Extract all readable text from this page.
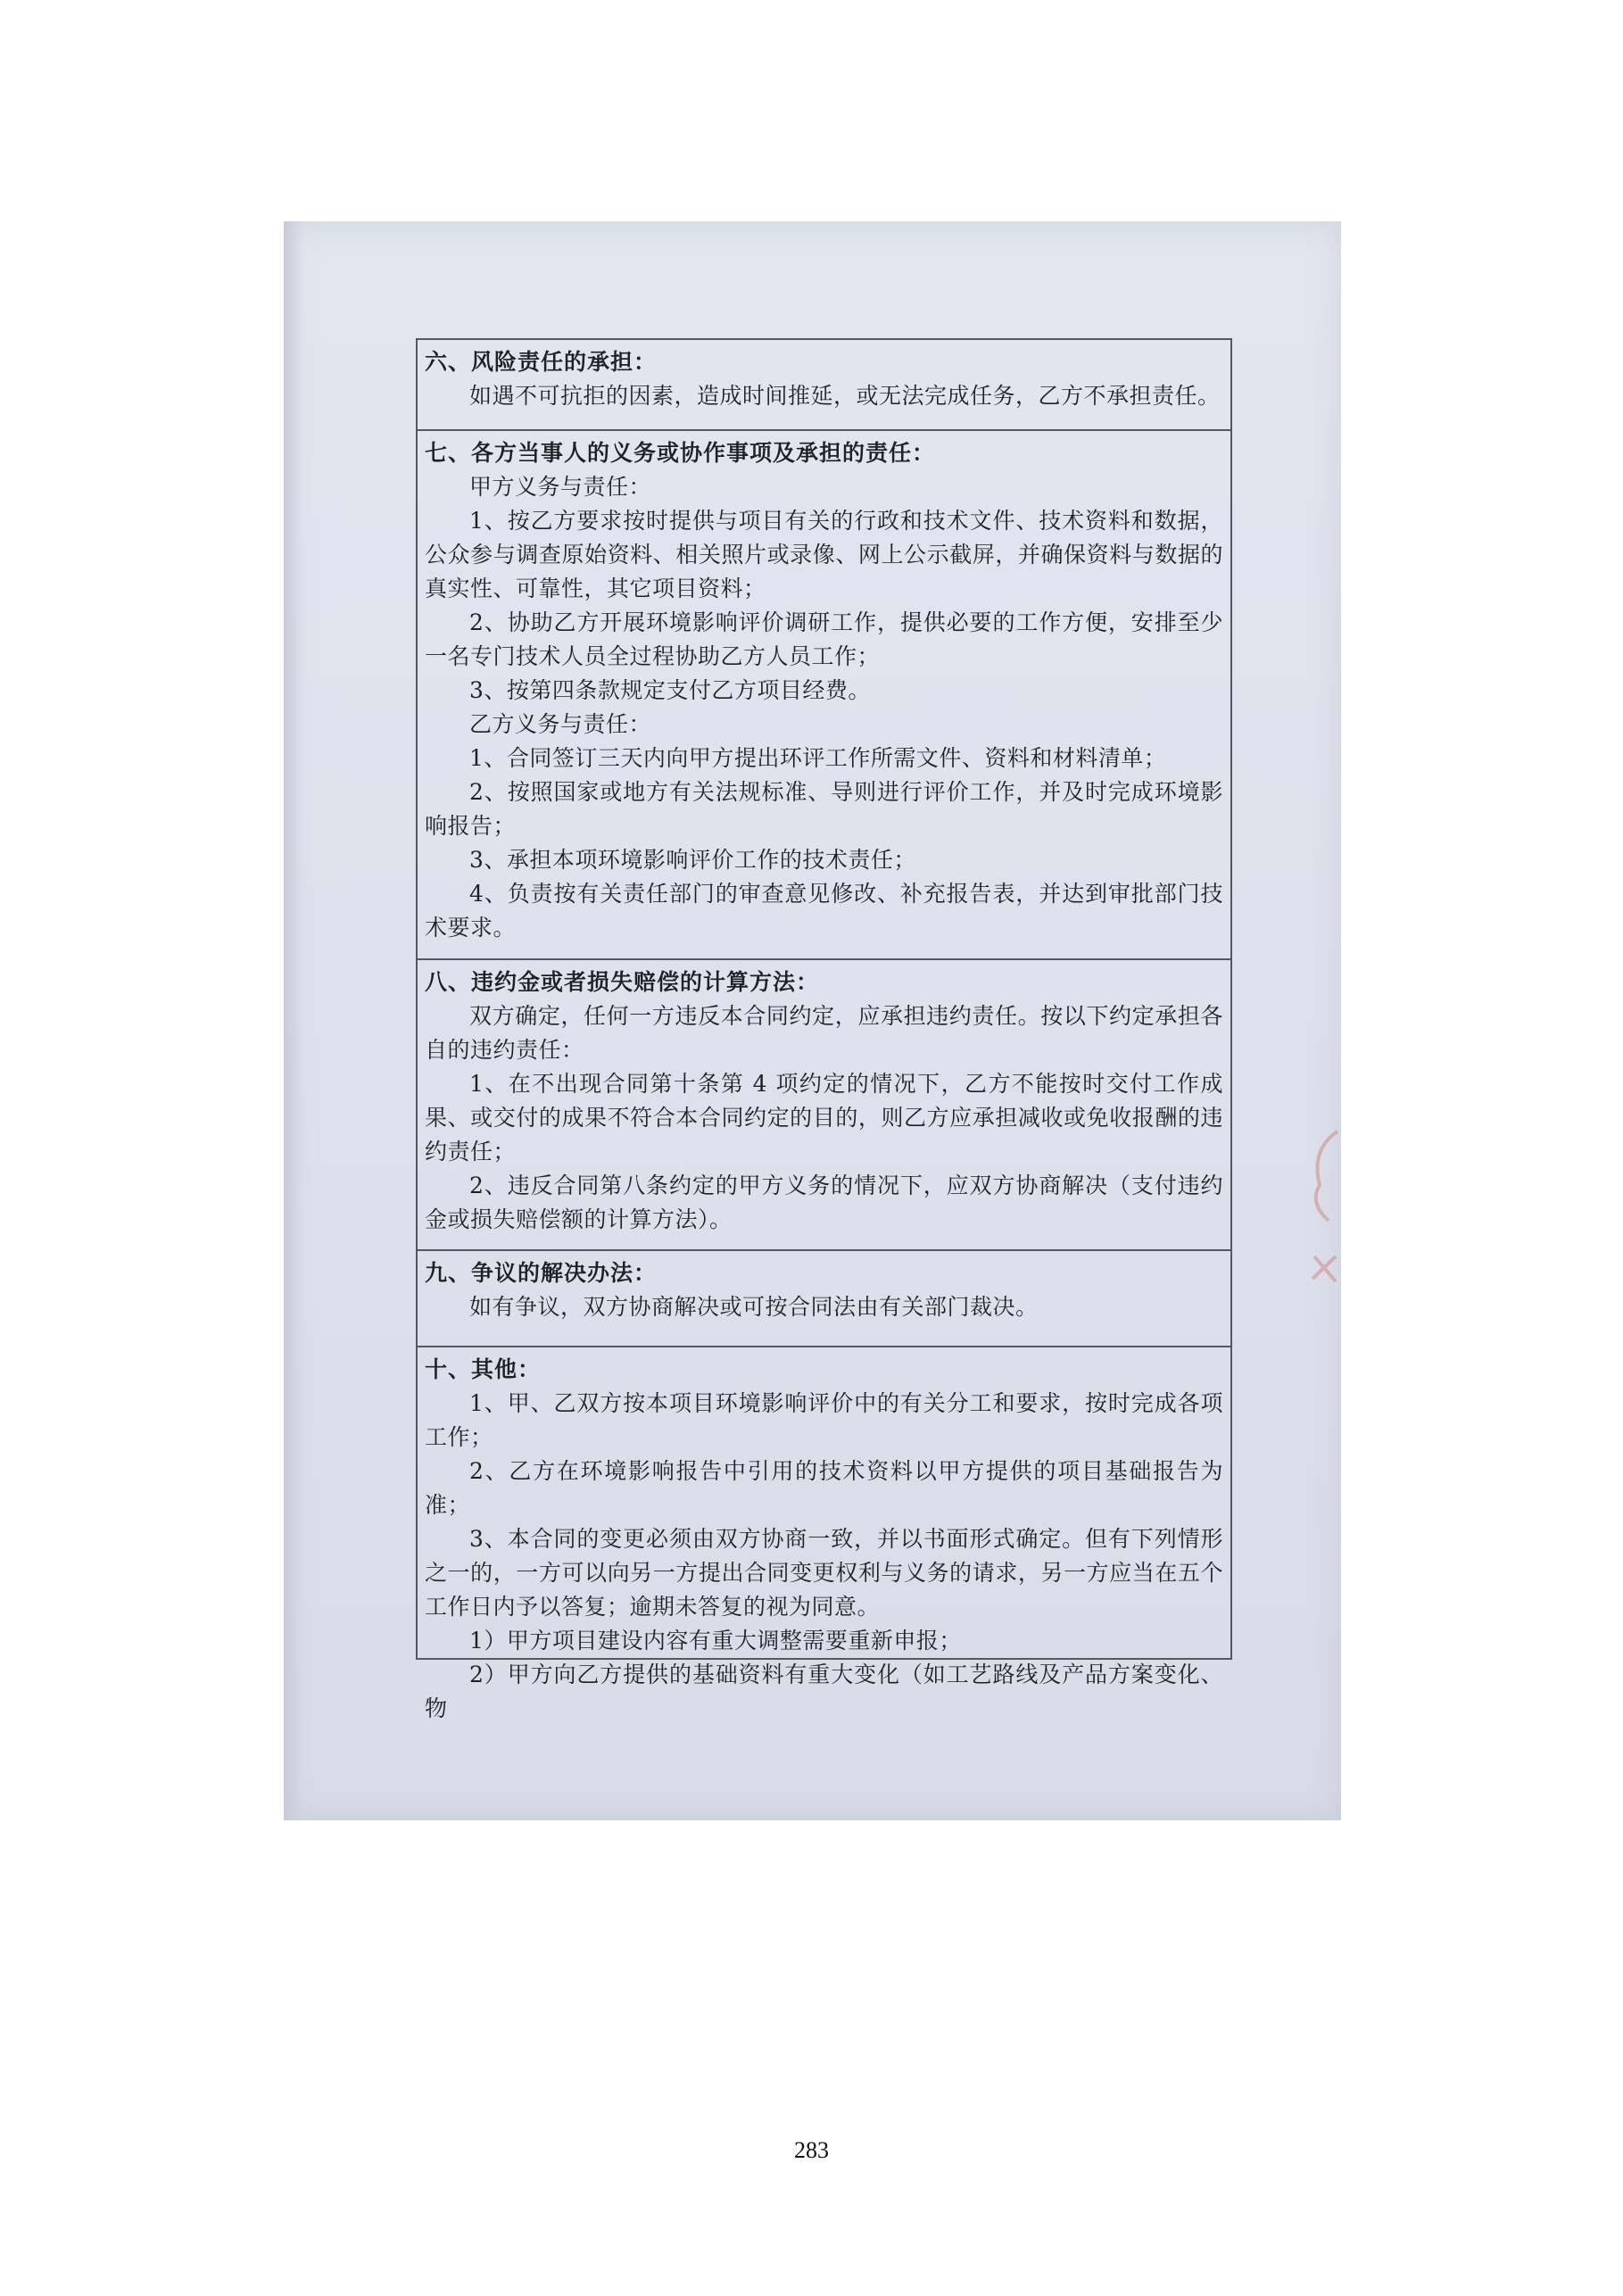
六、风险责任的承担：
如遇不可抗拒的因素，造成时间推延，或无法完成任务，乙方不承担责任。
七、各方当事人的义务或协作事项及承担的责任：
甲方义务与责任：
1、按乙方要求按时提供与项目有关的行政和技术文件、技术资料和数据，公众参与调查原始资料、相关照片或录像、网上公示截屏，并确保资料与数据的真实性、可靠性，其它项目资料；
2、协助乙方开展环境影响评价调研工作，提供必要的工作方便，安排至少一名专门技术人员全过程协助乙方人员工作；
3、按第四条款规定支付乙方项目经费。
乙方义务与责任：
1、合同签订三天内向甲方提出环评工作所需文件、资料和材料清单；
2、按照国家或地方有关法规标准、导则进行评价工作，并及时完成环境影响报告；
3、承担本项环境影响评价工作的技术责任；
4、负责按有关责任部门的审查意见修改、补充报告表，并达到审批部门技术要求。
八、违约金或者损失赔偿的计算方法：
双方确定，任何一方违反本合同约定，应承担违约责任。按以下约定承担各自的违约责任：
1、在不出现合同第十条第 4 项约定的情况下，乙方不能按时交付工作成果、或交付的成果不符合本合同约定的目的，则乙方应承担减收或免收报酬的违约责任；
2、违反合同第八条约定的甲方义务的情况下，应双方协商解决（支付违约金或损失赔偿额的计算方法）。
九、争议的解决办法：
如有争议，双方协商解决或可按合同法由有关部门裁决。
十、其他：
1、甲、乙双方按本项目环境影响评价中的有关分工和要求，按时完成各项工作；
2、乙方在环境影响报告中引用的技术资料以甲方提供的项目基础报告为准；
3、本合同的变更必须由双方协商一致，并以书面形式确定。但有下列情形之一的，一方可以向另一方提出合同变更权利与义务的请求，另一方应当在五个工作日内予以答复；逾期未答复的视为同意。
1）甲方项目建设内容有重大调整需要重新申报；
2）甲方向乙方提供的基础资料有重大变化（如工艺路线及产品方案变化、物
283
